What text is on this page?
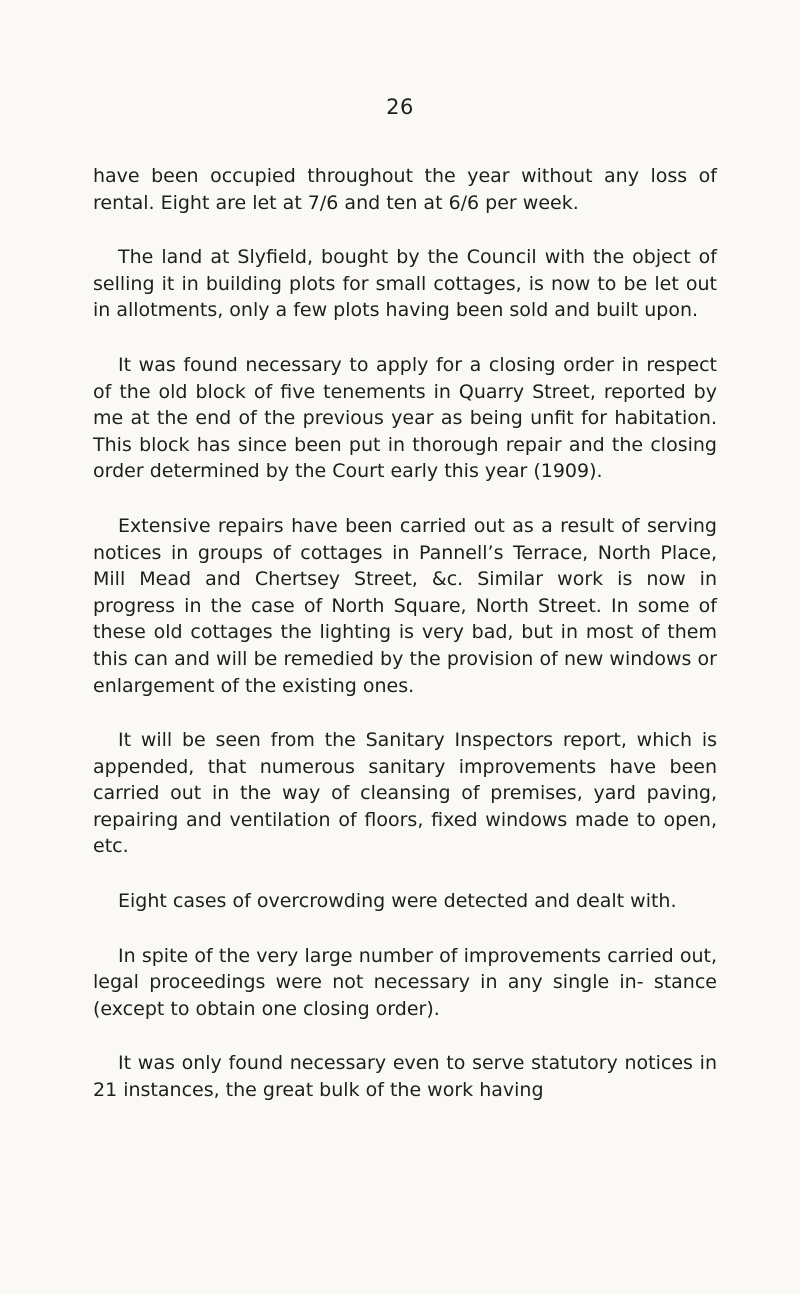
26

have been occupied throughout the year without any loss of rental. Eight are let at 7/6 and ten at 6/6 per week.

The land at Slyfield, bought by the Council with the object of selling it in building plots for small cottages, is now to be let out in allotments, only a few plots having been sold and built upon.

It was found necessary to apply for a closing order in respect of the old block of five tenements in Quarry Street, reported by me at the end of the previous year as being unfit for habitation. This block has since been put in thorough repair and the closing order determined by the Court early this year (1909).

Extensive repairs have been carried out as a result of serving notices in groups of cottages in Pannell’s Terrace, North Place, Mill Mead and Chertsey Street, &c. Similar work is now in progress in the case of North Square, North Street. In some of these old cottages the lighting is very bad, but in most of them this can and will be remedied by the provision of new windows or enlargement of the existing ones.

It will be seen from the Sanitary Inspectors report, which is appended, that numerous sanitary improvements have been carried out in the way of cleansing of premises, yard paving, repairing and ventilation of floors, fixed windows made to open, etc.

Eight cases of overcrowding were detected and dealt with.

In spite of the very large number of improvements carried out, legal proceedings were not necessary in any single in- stance (except to obtain one closing order).

It was only found necessary even to serve statutory notices in 21 instances, the great bulk of the work having
